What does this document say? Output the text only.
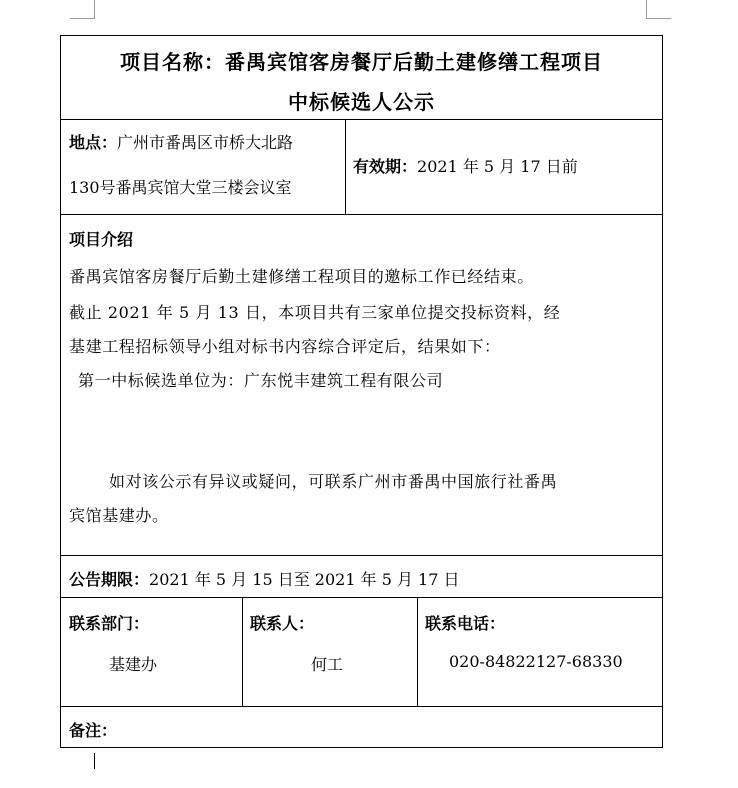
项目名称：番禺宾馆客房餐厅后勤土建修缮工程项目
中标候选人公示
地点：广州市番禺区市桥大北路
130号番禺宾馆大堂三楼会议室
有效期：2021 年 5 月 17 日前
项目介绍
番禺宾馆客房餐厅后勤土建修缮工程项目的邀标工作已经结束。
截止 2021 年 5 月 13 日，本项目共有三家单位提交投标资料，经
基建工程招标领导小组对标书内容综合评定后，结果如下：
第一中标候选单位为：广东悦丰建筑工程有限公司
如对该公示有异议或疑问，可联系广州市番禺中国旅行社番禺
宾馆基建办。
公告期限：2021 年 5 月 15 日至 2021 年 5 月 17 日
联系部门：
基建办
联系人：
何工
联系电话：
020-84822127-68330
备注：
